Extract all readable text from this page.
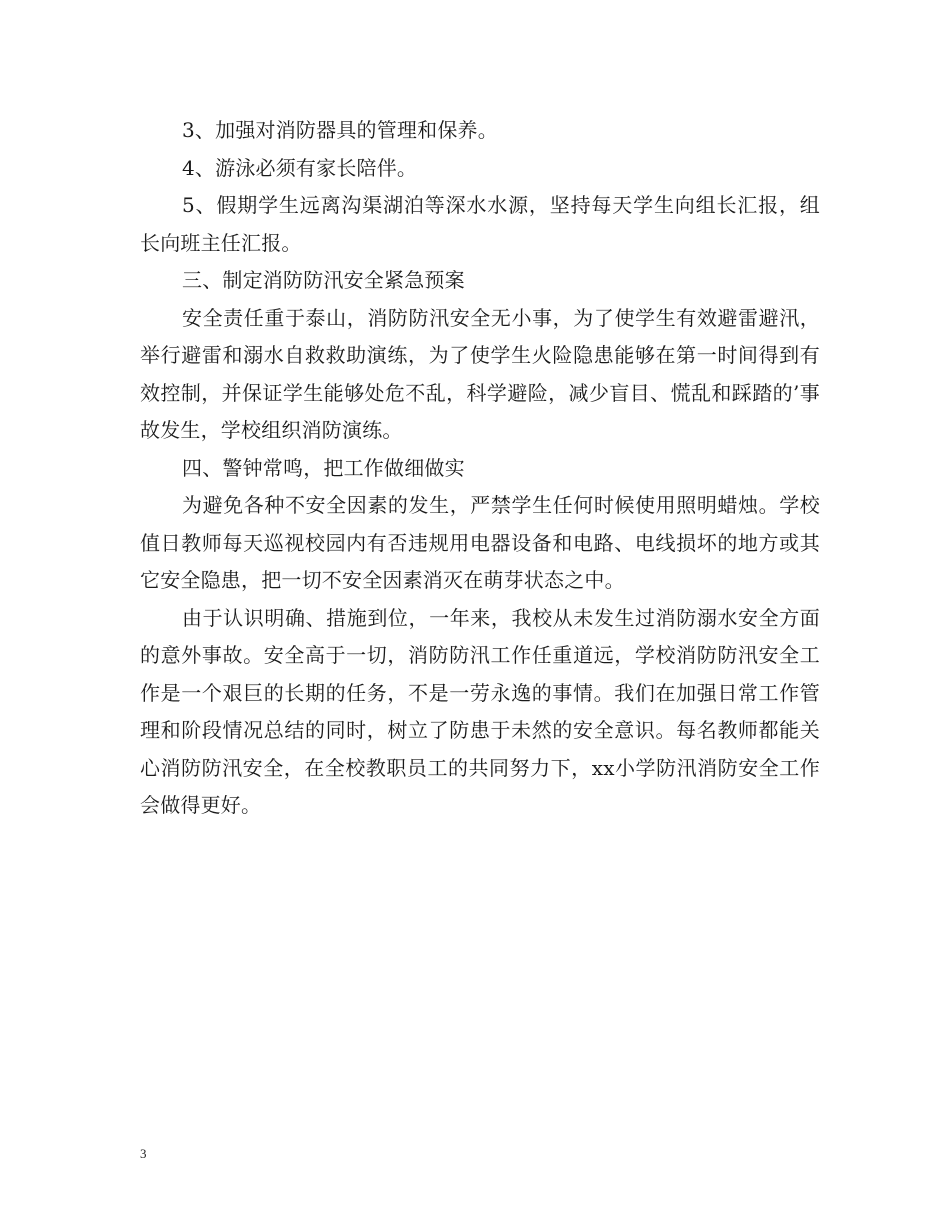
3、加强对消防器具的管理和保养。

4、游泳必须有家长陪伴。

5、假期学生远离沟渠湖泊等深水水源，坚持每天学生向组长汇报，组长向班主任汇报。

三、制定消防防汛安全紧急预案

安全责任重于泰山，消防防汛安全无小事，为了使学生有效避雷避汛，举行避雷和溺水自救救助演练，为了使学生火险隐患能够在第一时间得到有效控制，并保证学生能够处危不乱，科学避险，减少盲目、慌乱和踩踏的’事故发生，学校组织消防演练。

四、警钟常鸣，把工作做细做实

为避免各种不安全因素的发生，严禁学生任何时候使用照明蜡烛。学校值日教师每天巡视校园内有否违规用电器设备和电路、电线损坏的地方或其它安全隐患，把一切不安全因素消灭在萌芽状态之中。

由于认识明确、措施到位，一年来，我校从未发生过消防溺水安全方面的意外事故。安全高于一切，消防防汛工作任重道远，学校消防防汛安全工作是一个艰巨的长期的任务，不是一劳永逸的事情。我们在加强日常工作管理和阶段情况总结的同时，树立了防患于未然的安全意识。每名教师都能关心消防防汛安全，在全校教职员工的共同努力下，xx小学防汛消防安全工作会做得更好。

3
